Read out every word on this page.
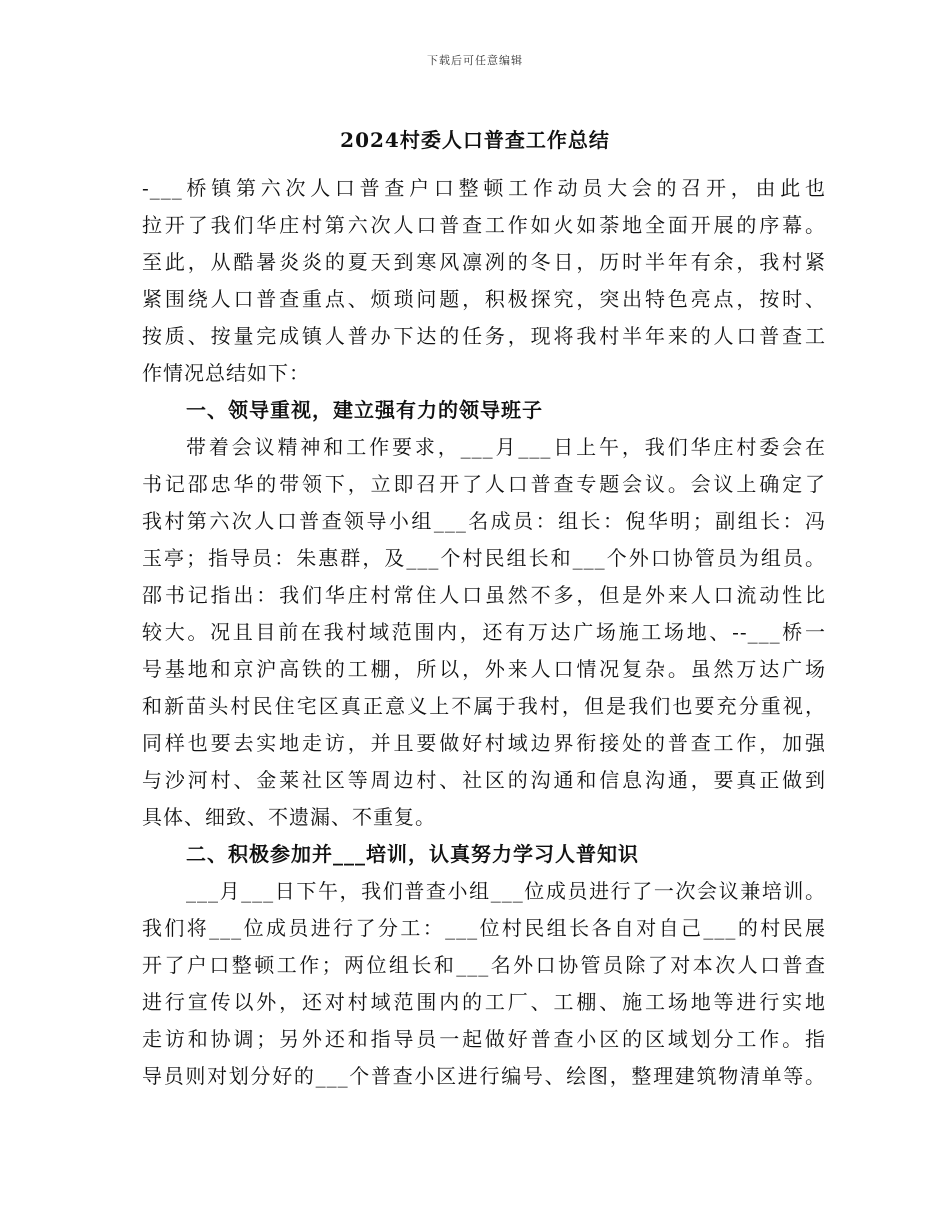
下载后可任意编辑
2024村委人口普查工作总结
-___桥镇第六次人口普查户口整顿工作动员大会的召开，由此也
拉开了我们华庄村第六次人口普查工作如火如荼地全面开展的序幕。
至此，从酷暑炎炎的夏天到寒风凛冽的冬日，历时半年有余，我村紧
紧围绕人口普查重点、烦琐问题，积极探究，突出特色亮点，按时、
按质、按量完成镇人普办下达的任务，现将我村半年来的人口普查工
作情况总结如下：
一、领导重视，建立强有力的领导班子
带着会议精神和工作要求，___月___日上午，我们华庄村委会在
书记邵忠华的带领下，立即召开了人口普查专题会议。会议上确定了
我村第六次人口普查领导小组___名成员：组长：倪华明；副组长：冯
玉亭；指导员：朱惠群，及___个村民组长和___个外口协管员为组员。
邵书记指出：我们华庄村常住人口虽然不多，但是外来人口流动性比
较大。况且目前在我村域范围内，还有万达广场施工场地、--___桥一
号基地和京沪高铁的工棚，所以，外来人口情况复杂。虽然万达广场
和新苗头村民住宅区真正意义上不属于我村，但是我们也要充分重视，
同样也要去实地走访，并且要做好村域边界衔接处的普查工作，加强
与沙河村、金莱社区等周边村、社区的沟通和信息沟通，要真正做到
具体、细致、不遗漏、不重复。
二、积极参加并___培训，认真努力学习人普知识
___月___日下午，我们普查小组___位成员进行了一次会议兼培训。
我们将___位成员进行了分工：___位村民组长各自对自己___的村民展
开了户口整顿工作；两位组长和___名外口协管员除了对本次人口普查
进行宣传以外，还对村域范围内的工厂、工棚、施工场地等进行实地
走访和协调；另外还和指导员一起做好普查小区的区域划分工作。指
导员则对划分好的___个普查小区进行编号、绘图，整理建筑物清单等。
